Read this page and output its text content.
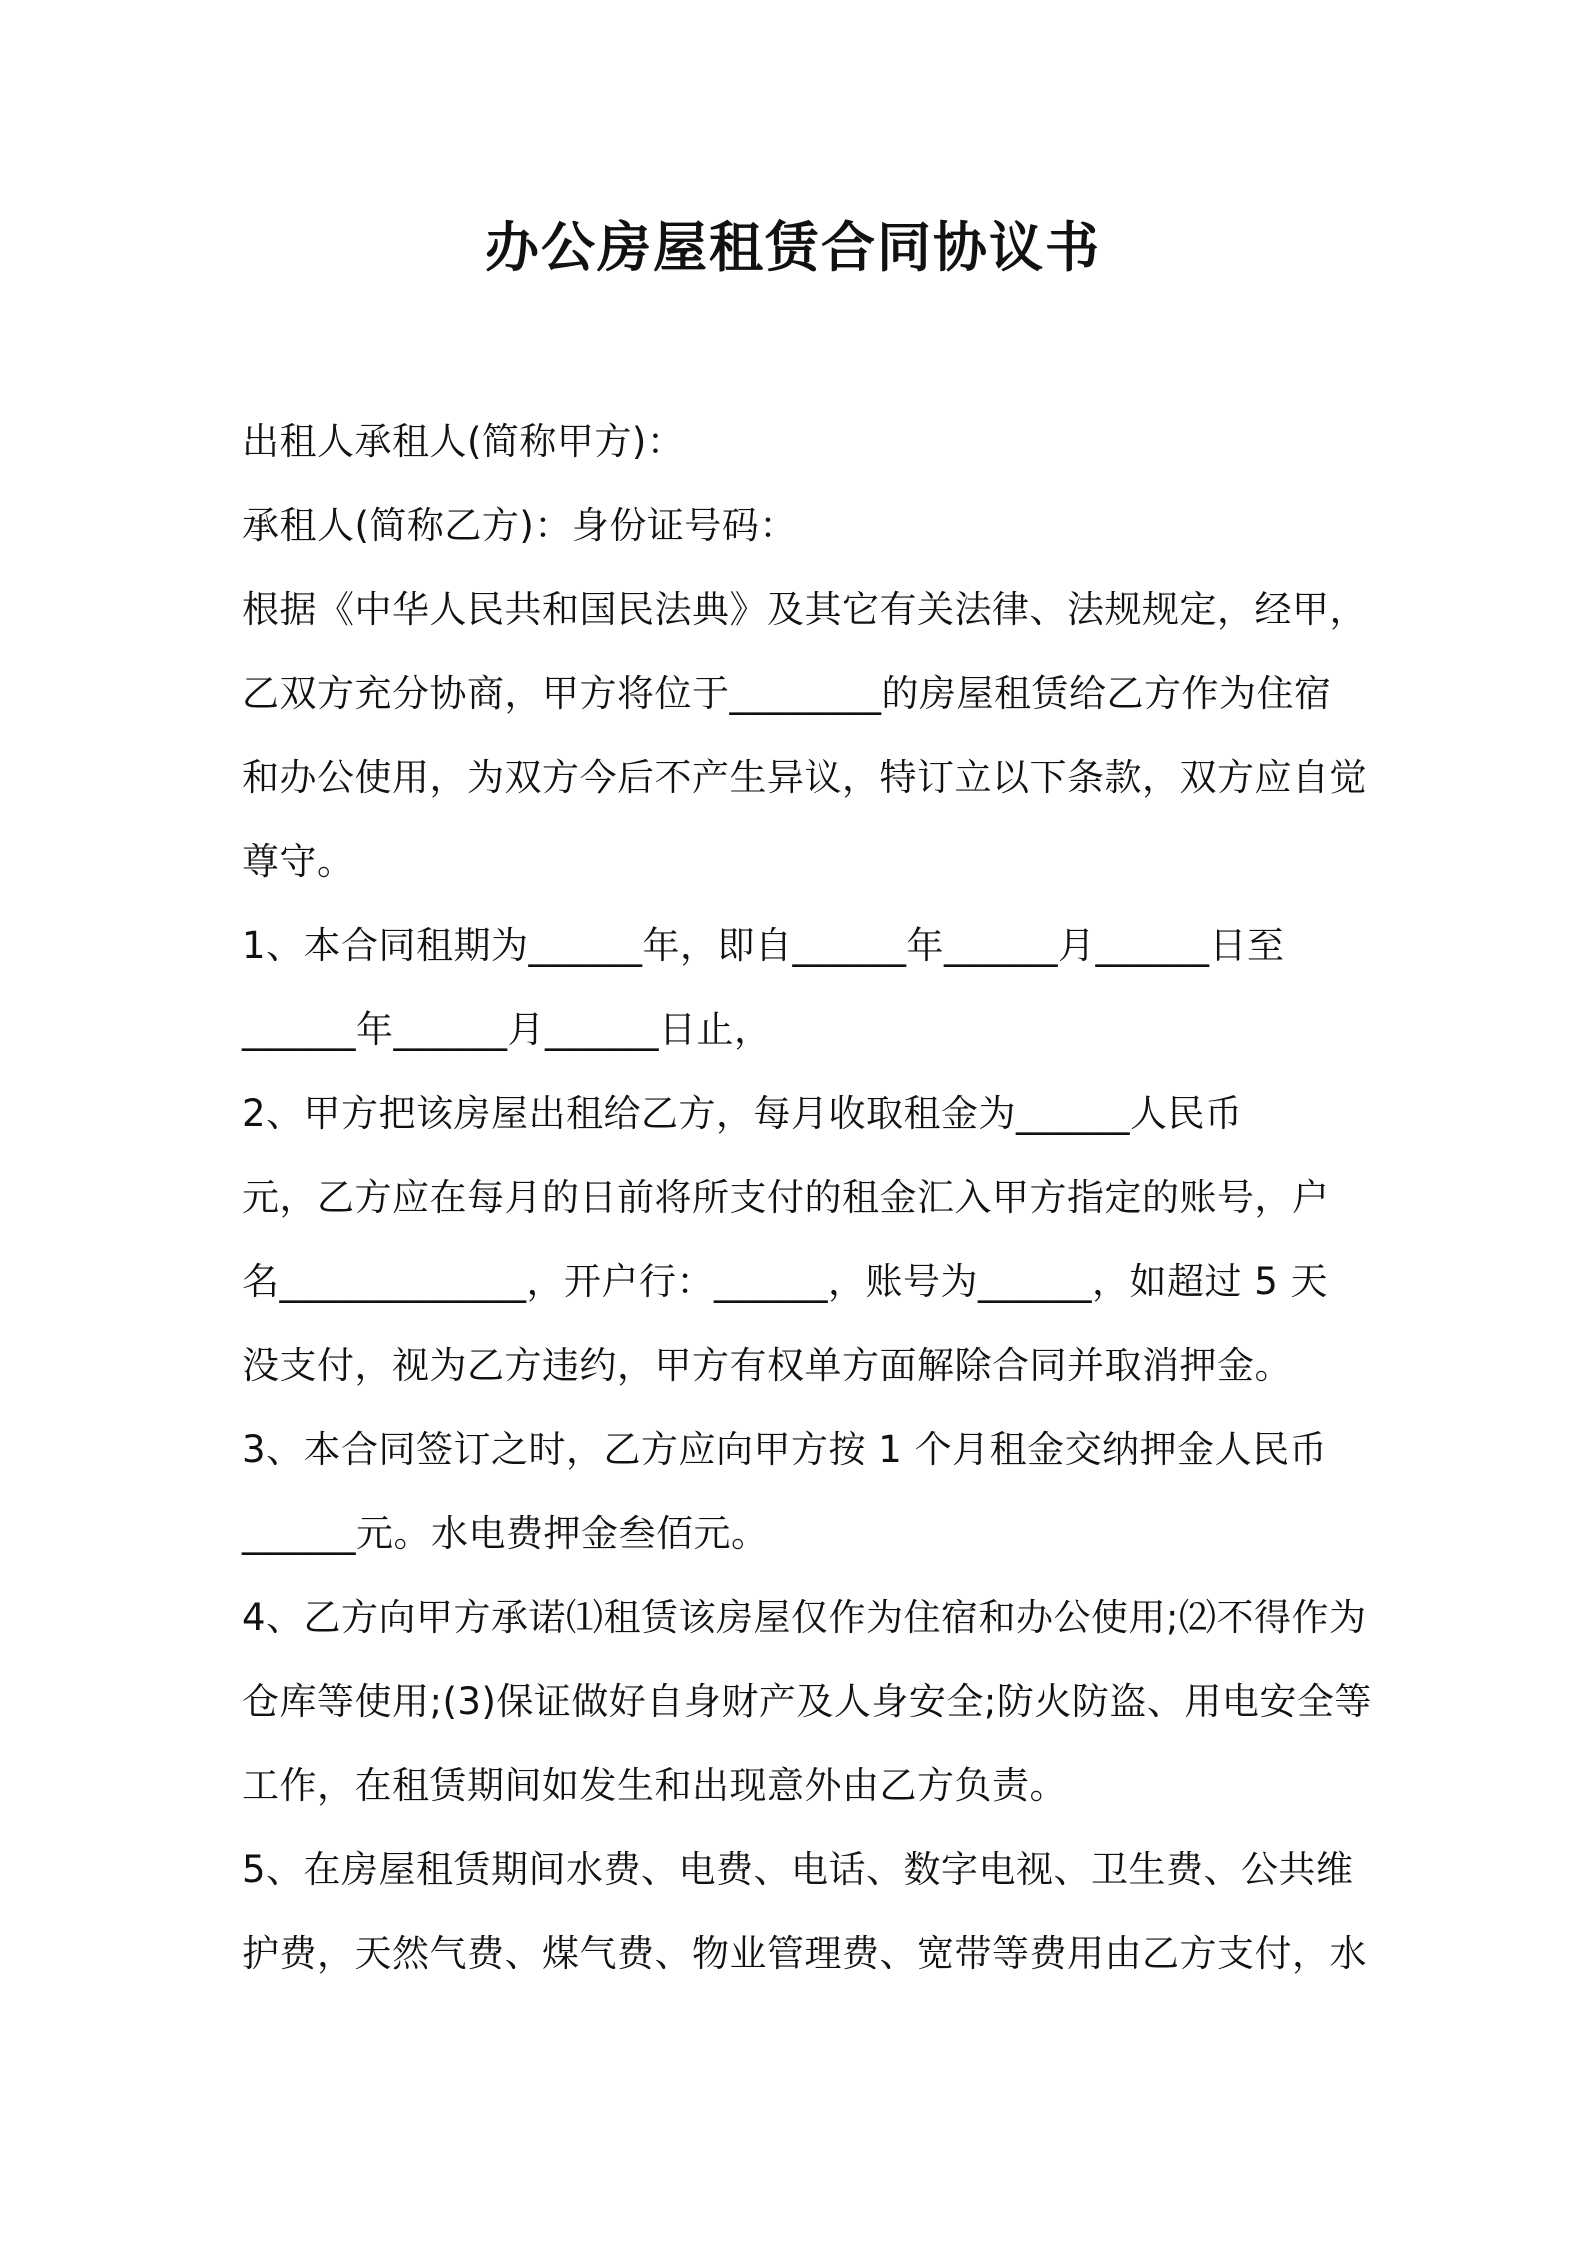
办公房屋租赁合同协议书
出租人承租人(简称甲方)：
承租人(简称乙方)：身份证号码：
根据《中华人民共和国民法典》及其它有关法律、法规规定，经甲，
乙双方充分协商，甲方将位于________的房屋租赁给乙方作为住宿
和办公使用，为双方今后不产生异议，特订立以下条款，双方应自觉
尊守。
1、本合同租期为______年，即自______年______月______日至
______年______月______日止，
2、甲方把该房屋出租给乙方，每月收取租金为______人民币
元，乙方应在每月的日前将所支付的租金汇入甲方指定的账号，户
名_____________，开户行：______，账号为______，如超过 5 天
没支付，视为乙方违约，甲方有权单方面解除合同并取消押金。
3、本合同签订之时，乙方应向甲方按 1 个月租金交纳押金人民币
______元。水电费押金叁佰元。
4、乙方向甲方承诺⑴租赁该房屋仅作为住宿和办公使用;⑵不得作为
仓库等使用;(3)保证做好自身财产及人身安全;防火防盗、用电安全等
工作，在租赁期间如发生和出现意外由乙方负责。
5、在房屋租赁期间水费、电费、电话、数字电视、卫生费、公共维
护费，天然气费、煤气费、物业管理费、宽带等费用由乙方支付，水
